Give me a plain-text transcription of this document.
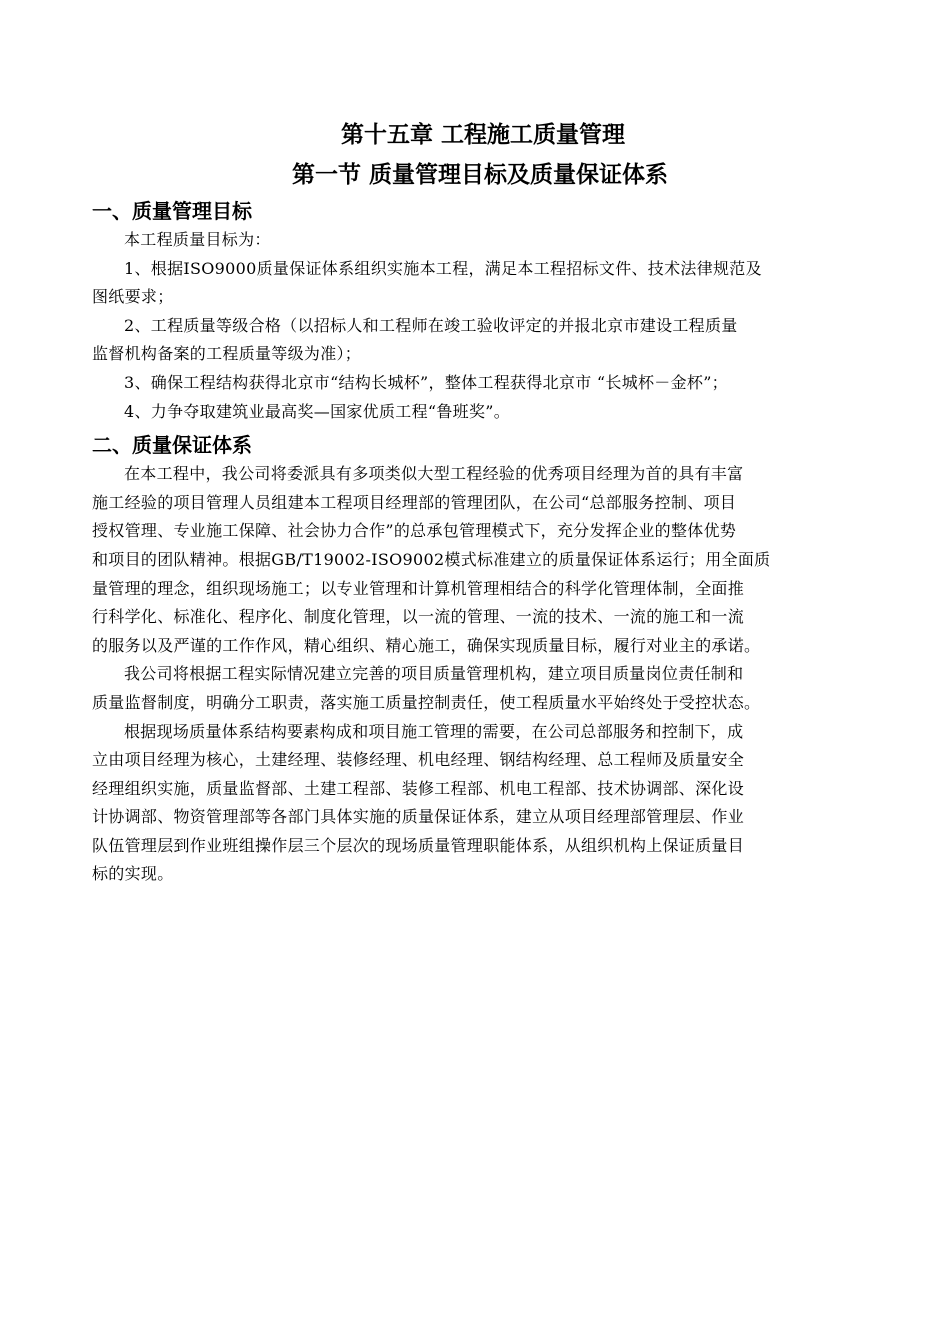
第十五章 工程施工质量管理
第一节 质量管理目标及质量保证体系
一、质量管理目标

本工程质量目标为：

1、根据ISO9000质量保证体系组织实施本工程，满足本工程招标文件、技术法律规范及
图纸要求；

2、工程质量等级合格（以招标人和工程师在竣工验收评定的并报北京市建设工程质量
监督机构备案的工程质量等级为准）；

3、确保工程结构获得北京市“结构长城杯”，整体工程获得北京市 “长城杯－金杯”；

4、力争夺取建筑业最高奖—国家优质工程“鲁班奖”。

二、质量保证体系

在本工程中，我公司将委派具有多项类似大型工程经验的优秀项目经理为首的具有丰富
施工经验的项目管理人员组建本工程项目经理部的管理团队，在公司“总部服务控制、项目
授权管理、专业施工保障、社会协力合作”的总承包管理模式下，充分发挥企业的整体优势
和项目的团队精神。根据GB/T19002-ISO9002模式标准建立的质量保证体系运行；用全面质
量管理的理念，组织现场施工；以专业管理和计算机管理相结合的科学化管理体制，全面推
行科学化、标准化、程序化、制度化管理，以一流的管理、一流的技术、一流的施工和一流
的服务以及严谨的工作作风，精心组织、精心施工，确保实现质量目标，履行对业主的承诺。

我公司将根据工程实际情况建立完善的项目质量管理机构，建立项目质量岗位责任制和
质量监督制度，明确分工职责，落实施工质量控制责任，使工程质量水平始终处于受控状态。

根据现场质量体系结构要素构成和项目施工管理的需要，在公司总部服务和控制下，成
立由项目经理为核心，土建经理、装修经理、机电经理、钢结构经理、总工程师及质量安全
经理组织实施，质量监督部、土建工程部、装修工程部、机电工程部、技术协调部、深化设
计协调部、物资管理部等各部门具体实施的质量保证体系，建立从项目经理部管理层、作业
队伍管理层到作业班组操作层三个层次的现场质量管理职能体系，从组织机构上保证质量目
标的实现。
